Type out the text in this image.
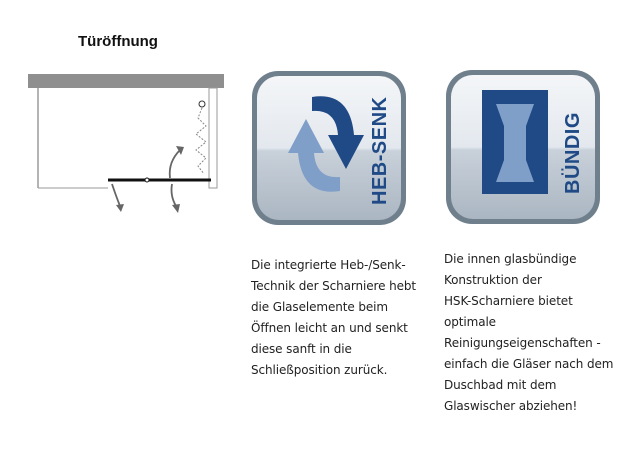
Türöffnung
HEB-SENK	BÜNDIG
Die integrierte Heb-/Senk-
Technik der Scharniere hebt
die Glaselemente beim
Öffnen leicht an und senkt
diese sanft in die
Schließposition zurück.
Die innen glasbündige
Konstruktion der
HSK-Scharniere bietet
optimale
Reinigungseigenschaften -
einfach die Gläser nach dem
Duschbad mit dem
Glaswischer abziehen!
